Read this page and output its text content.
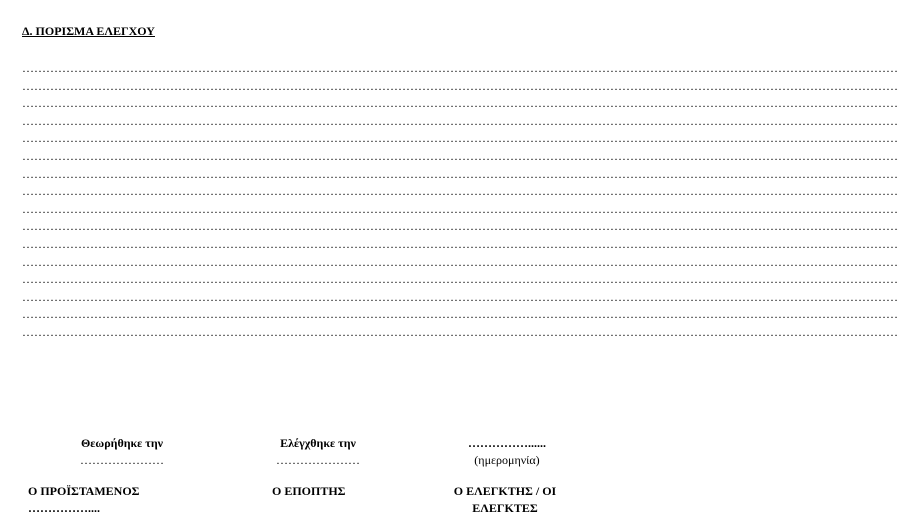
Δ. ΠΟΡΙΣΜΑ ΕΛΕΓΧΟΥ
…………………………………………………………………………………………………………………………………………………………………………………………………
…………………………………………………………………………………………………………………………………………………………………………………………………
…………………………………………………………………………………………………………………………………………………………………………………………………
…………………………………………………………………………………………………………………………………………………………………………………………………
…………………………………………………………………………………………………………………………………………………………………………………………………
…………………………………………………………………………………………………………………………………………………………………………………………………
…………………………………………………………………………………………………………………………………………………………………………………………………
…………………………………………………………………………………………………………………………………………………………………………………………………
…………………………………………………………………………………………………………………………………………………………………………………………………
…………………………………………………………………………………………………………………………………………………………………………………………………
…………………………………………………………………………………………………………………………………………………………………………………………………
…………………………………………………………………………………………………………………………………………………………………………………………………
…………………………………………………………………………………………………………………………………………………………………………………………………
…………………………………………………………………………………………………………………………………………………………………………………………………
…………………………………………………………………………………………………………………………………………………………………………………………………
…………………………………………………………………………………………………………………………………………………………………………………………………
Θεωρήθηκε την
…………………
Ο ΠΡΟΪΣΤΑΜΕΝΟΣ
……………....
Ελέγχθηκε την
…………………
Ο ΕΠΟΠΤΗΣ
……………......
(ημερομηνία)
Ο ΕΛΕΓΚΤΗΣ / ΟΙ
ΕΛΕΓΚΤΕΣ
